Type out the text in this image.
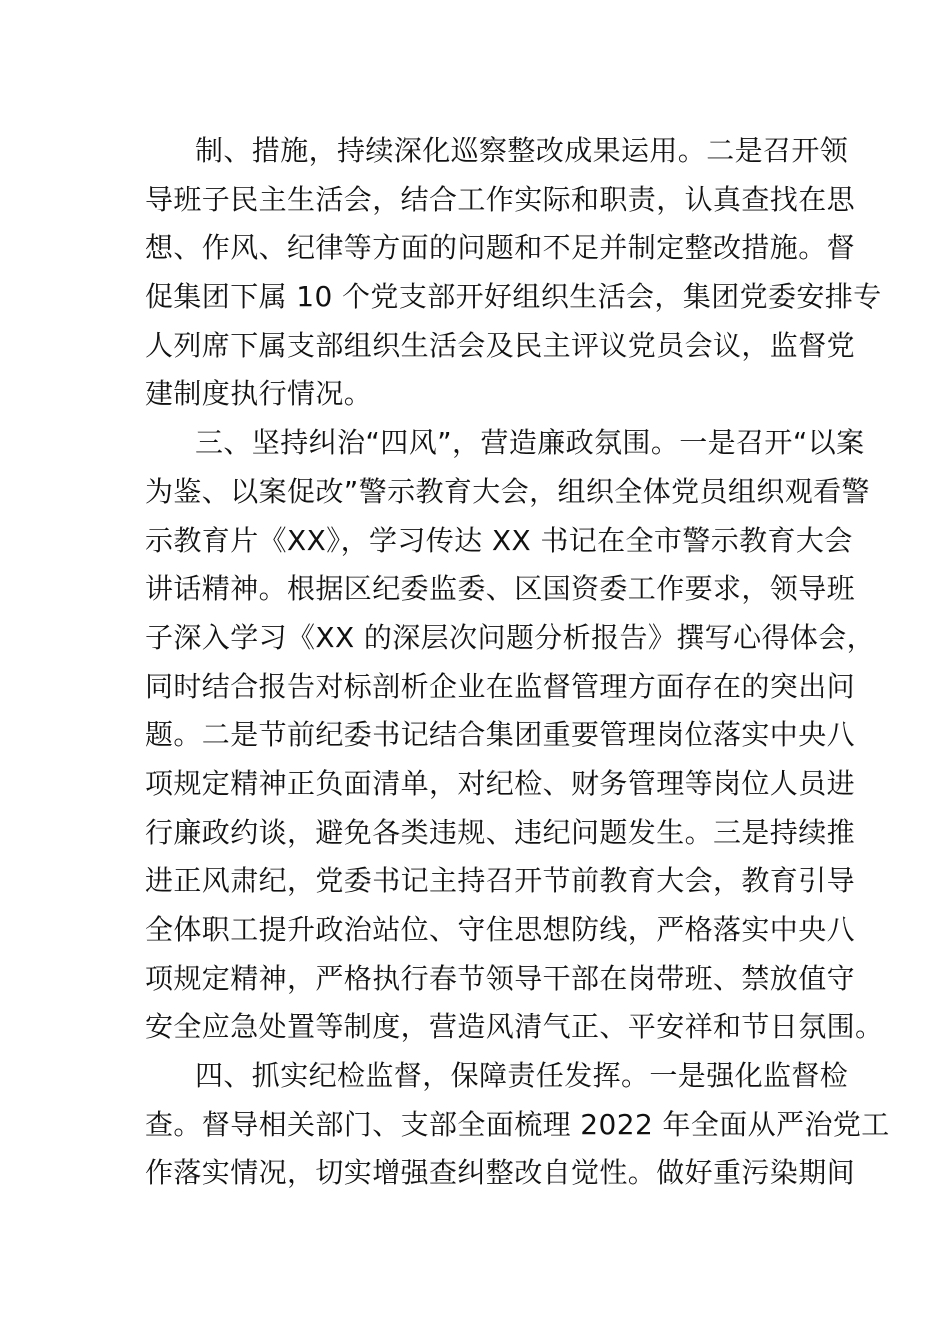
制、措施，持续深化巡察整改成果运用。二是召开领
导班子民主生活会，结合工作实际和职责，认真查找在思
想、作风、纪律等方面的问题和不足并制定整改措施。督
促集团下属 10 个党支部开好组织生活会，集团党委安排专
人列席下属支部组织生活会及民主评议党员会议，监督党
建制度执行情况。
三、坚持纠治“四风”，营造廉政氛围。一是召开“以案
为鉴、以案促改”警示教育大会，组织全体党员组织观看警
示教育片《XX》，学习传达 XX 书记在全市警示教育大会
讲话精神。根据区纪委监委、区国资委工作要求，领导班
子深入学习《XX 的深层次问题分析报告》撰写心得体会，
同时结合报告对标剖析企业在监督管理方面存在的突出问
题。二是节前纪委书记结合集团重要管理岗位落实中央八
项规定精神正负面清单，对纪检、财务管理等岗位人员进
行廉政约谈，避免各类违规、违纪问题发生。三是持续推
进正风肃纪，党委书记主持召开节前教育大会，教育引导
全体职工提升政治站位、守住思想防线，严格落实中央八
项规定精神，严格执行春节领导干部在岗带班、禁放值守
安全应急处置等制度，营造风清气正、平安祥和节日氛围。
四、抓实纪检监督，保障责任发挥。一是强化监督检
查。督导相关部门、支部全面梳理 2022 年全面从严治党工
作落实情况，切实增强查纠整改自觉性。做好重污染期间
